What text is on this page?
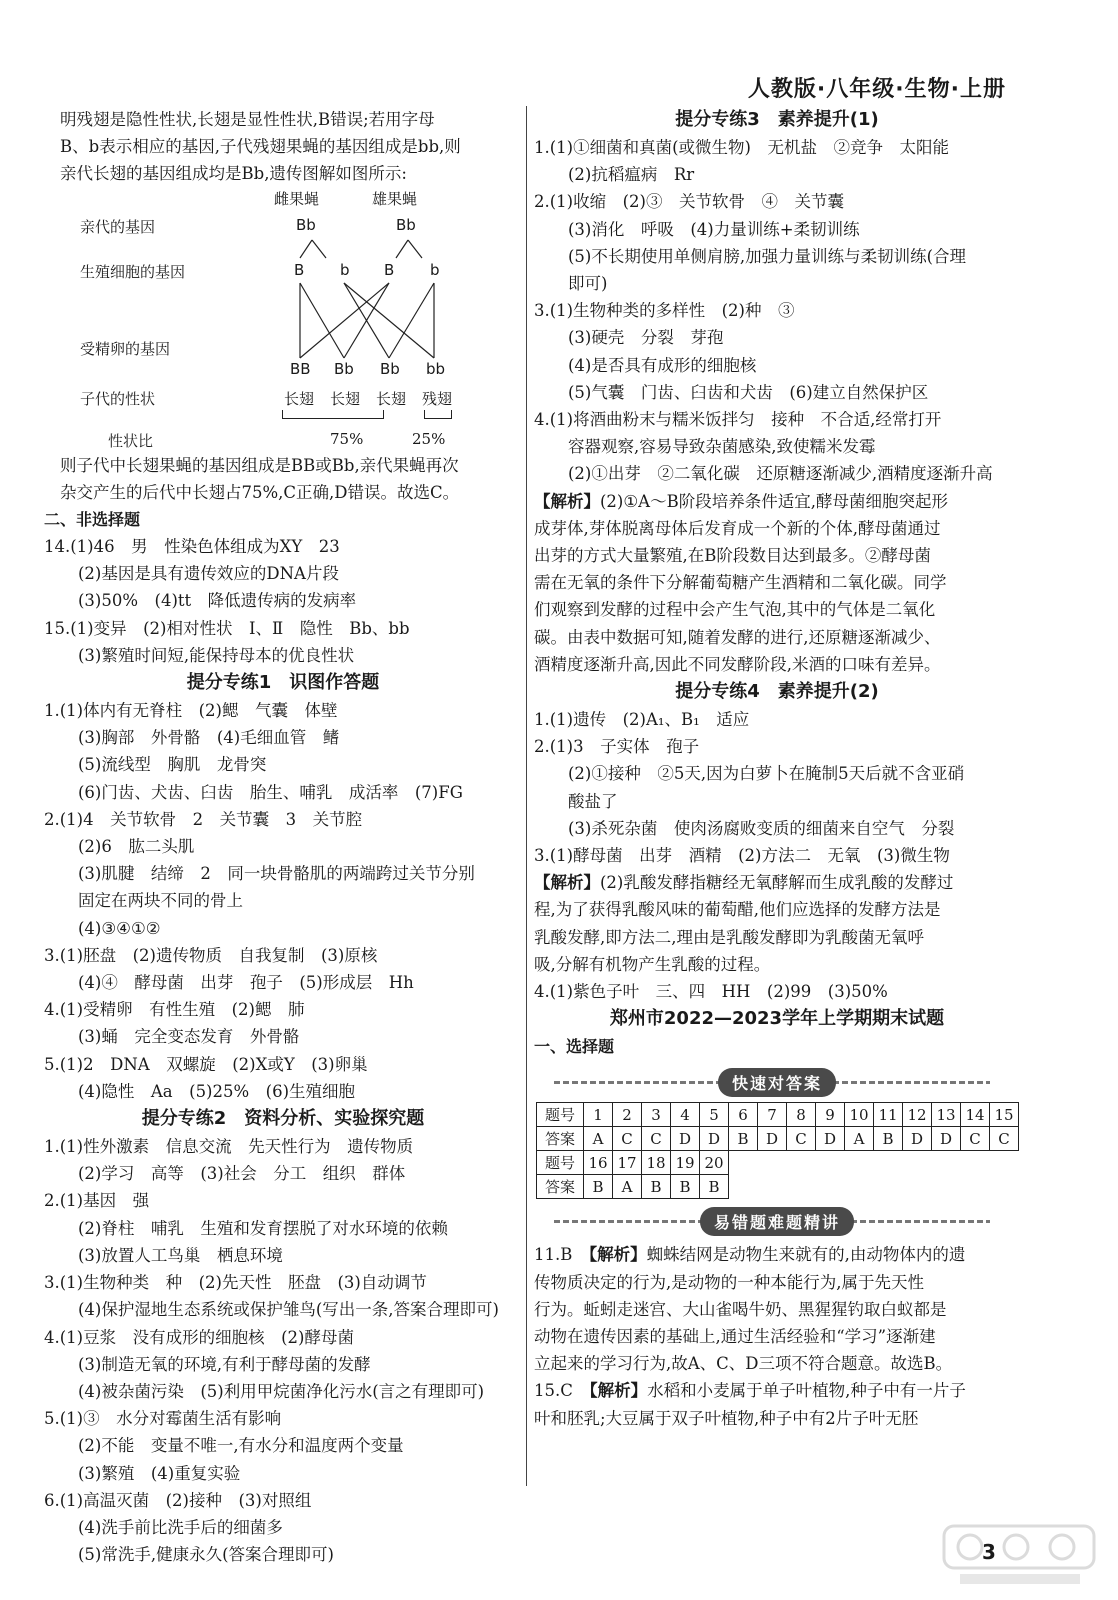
人教版·八年级·生物·上册
明残翅是隐性性状,长翅是显性性状,B错误;若用字母
B、b表示相应的基因,子代残翅果蝇的基因组成是bb,则
亲代长翅的基因组成均是Bb,遗传图解如图所示:
雌果蝇	雄果蝇
亲代的基因	Bb	Bb
生殖细胞的基因	B b B b
受精卵的基因
BB Bb Bb bb
子代的性状	长翅 长翅 长翅 残翅
性状比	75%	25%
则子代中长翅果蝇的基因组成是BB或Bb,亲代果蝇再次
杂交产生的后代中长翅占75%,C正确,D错误。故选C。
二、非选择题
14.(1)46　男　性染色体组成为XY　23
(2)基因是具有遗传效应的DNA片段
(3)50%　(4)tt　降低遗传病的发病率
15.(1)变异　(2)相对性状　Ⅰ、Ⅱ　隐性　Bb、bb
(3)繁殖时间短,能保持母本的优良性状
提分专练1　识图作答题
1.(1)体内有无脊柱　(2)鳃　气囊　体壁
(3)胸部　外骨骼　(4)毛细血管　鳍
(5)流线型　胸肌　龙骨突
(6)门齿、犬齿、臼齿　胎生、哺乳　成活率　(7)FG
2.(1)4　关节软骨　2　关节囊　3　关节腔
(2)6　肱二头肌
(3)肌腱　结缔　2　同一块骨骼肌的两端跨过关节分别
固定在两块不同的骨上
(4)③④①②
3.(1)胚盘　(2)遗传物质　自我复制　(3)原核
(4)④　酵母菌　出芽　孢子　(5)形成层　Hh
4.(1)受精卵　有性生殖　(2)鳃　肺
(3)蛹　完全变态发育　外骨骼
5.(1)2　DNA　双螺旋　(2)X或Y　(3)卵巢
(4)隐性　Aa　(5)25%　(6)生殖细胞
提分专练2　资料分析、实验探究题
1.(1)性外激素　信息交流　先天性行为　遗传物质
(2)学习　高等　(3)社会　分工　组织　群体
2.(1)基因　强
(2)脊柱　哺乳　生殖和发育摆脱了对水环境的依赖
(3)放置人工鸟巢　栖息环境
3.(1)生物种类　种　(2)先天性　胚盘　(3)自动调节
(4)保护湿地生态系统或保护雏鸟(写出一条,答案合理即可)
4.(1)豆浆　没有成形的细胞核　(2)酵母菌
(3)制造无氧的环境,有利于酵母菌的发酵
(4)被杂菌污染　(5)利用甲烷菌净化污水(言之有理即可)
5.(1)③　水分对霉菌生活有影响
(2)不能　变量不唯一,有水分和温度两个变量
(3)繁殖　(4)重复实验
6.(1)高温灭菌　(2)接种　(3)对照组
(4)洗手前比洗手后的细菌多
(5)常洗手,健康永久(答案合理即可)
提分专练3　素养提升(1)
1.(1)①细菌和真菌(或微生物)　无机盐　②竞争　太阳能
(2)抗稻瘟病　Rr
2.(1)收缩　(2)③　关节软骨　④　关节囊
(3)消化　呼吸　(4)力量训练+柔韧训练
(5)不长期使用单侧肩膀,加强力量训练与柔韧训练(合理
即可)
3.(1)生物种类的多样性　(2)种　③
(3)硬壳　分裂　芽孢
(4)是否具有成形的细胞核
(5)气囊　门齿、臼齿和犬齿　(6)建立自然保护区
4.(1)将酒曲粉末与糯米饭拌匀　接种　不合适,经常打开
容器观察,容易导致杂菌感染,致使糯米发霉
(2)①出芽　②二氧化碳　还原糖逐渐减少,酒精度逐渐升高
【解析】(2)①A～B阶段培养条件适宜,酵母菌细胞突起形
成芽体,芽体脱离母体后发育成一个新的个体,酵母菌通过
出芽的方式大量繁殖,在B阶段数目达到最多。②酵母菌
需在无氧的条件下分解葡萄糖产生酒精和二氧化碳。同学
们观察到发酵的过程中会产生气泡,其中的气体是二氧化
碳。由表中数据可知,随着发酵的进行,还原糖逐渐减少、
酒精度逐渐升高,因此不同发酵阶段,米酒的口味有差异。
提分专练4　素养提升(2)
1.(1)遗传　(2)A₁、B₁　适应
2.(1)3　子实体　孢子
(2)①接种　②5天,因为白萝卜在腌制5天后就不含亚硝
酸盐了
(3)杀死杂菌　使肉汤腐败变质的细菌来自空气　分裂
3.(1)酵母菌　出芽　酒精　(2)方法二　无氧　(3)微生物
【解析】(2)乳酸发酵指糖经无氧酵解而生成乳酸的发酵过
程,为了获得乳酸风味的葡萄醋,他们应选择的发酵方法是
乳酸发酵,即方法二,理由是乳酸发酵即为乳酸菌无氧呼
吸,分解有机物产生乳酸的过程。
4.(1)紫色子叶　三、四　HH　(2)99　(3)50%
郑州市2022—2023学年上学期期末试题
一、选择题
快速对答案
题号	1	2	3	4	5	6	7	8	9	10	11	12	13	14	15
答案	A	C	C	D	D	B	D	C	D	A	B	D	D	C	C
题号	16	17	18	19	20
答案	B	A	B	B	B
易错题难题精讲
11.B　 【解析】蜘蛛结网是动物生来就有的,由动物体内的遗
传物质决定的行为,是动物的一种本能行为,属于先天性
行为。蚯蚓走迷宫、大山雀喝牛奶、黑猩猩钓取白蚁都是
动物在遗传因素的基础上,通过生活经验和“学习”逐渐建
立起来的学习行为,故A、C、D三项不符合题意。故选B。
15.C　 【解析】水稻和小麦属于单子叶植物,种子中有一片子
叶和胚乳;大豆属于双子叶植物,种子中有2片子叶无胚
3
